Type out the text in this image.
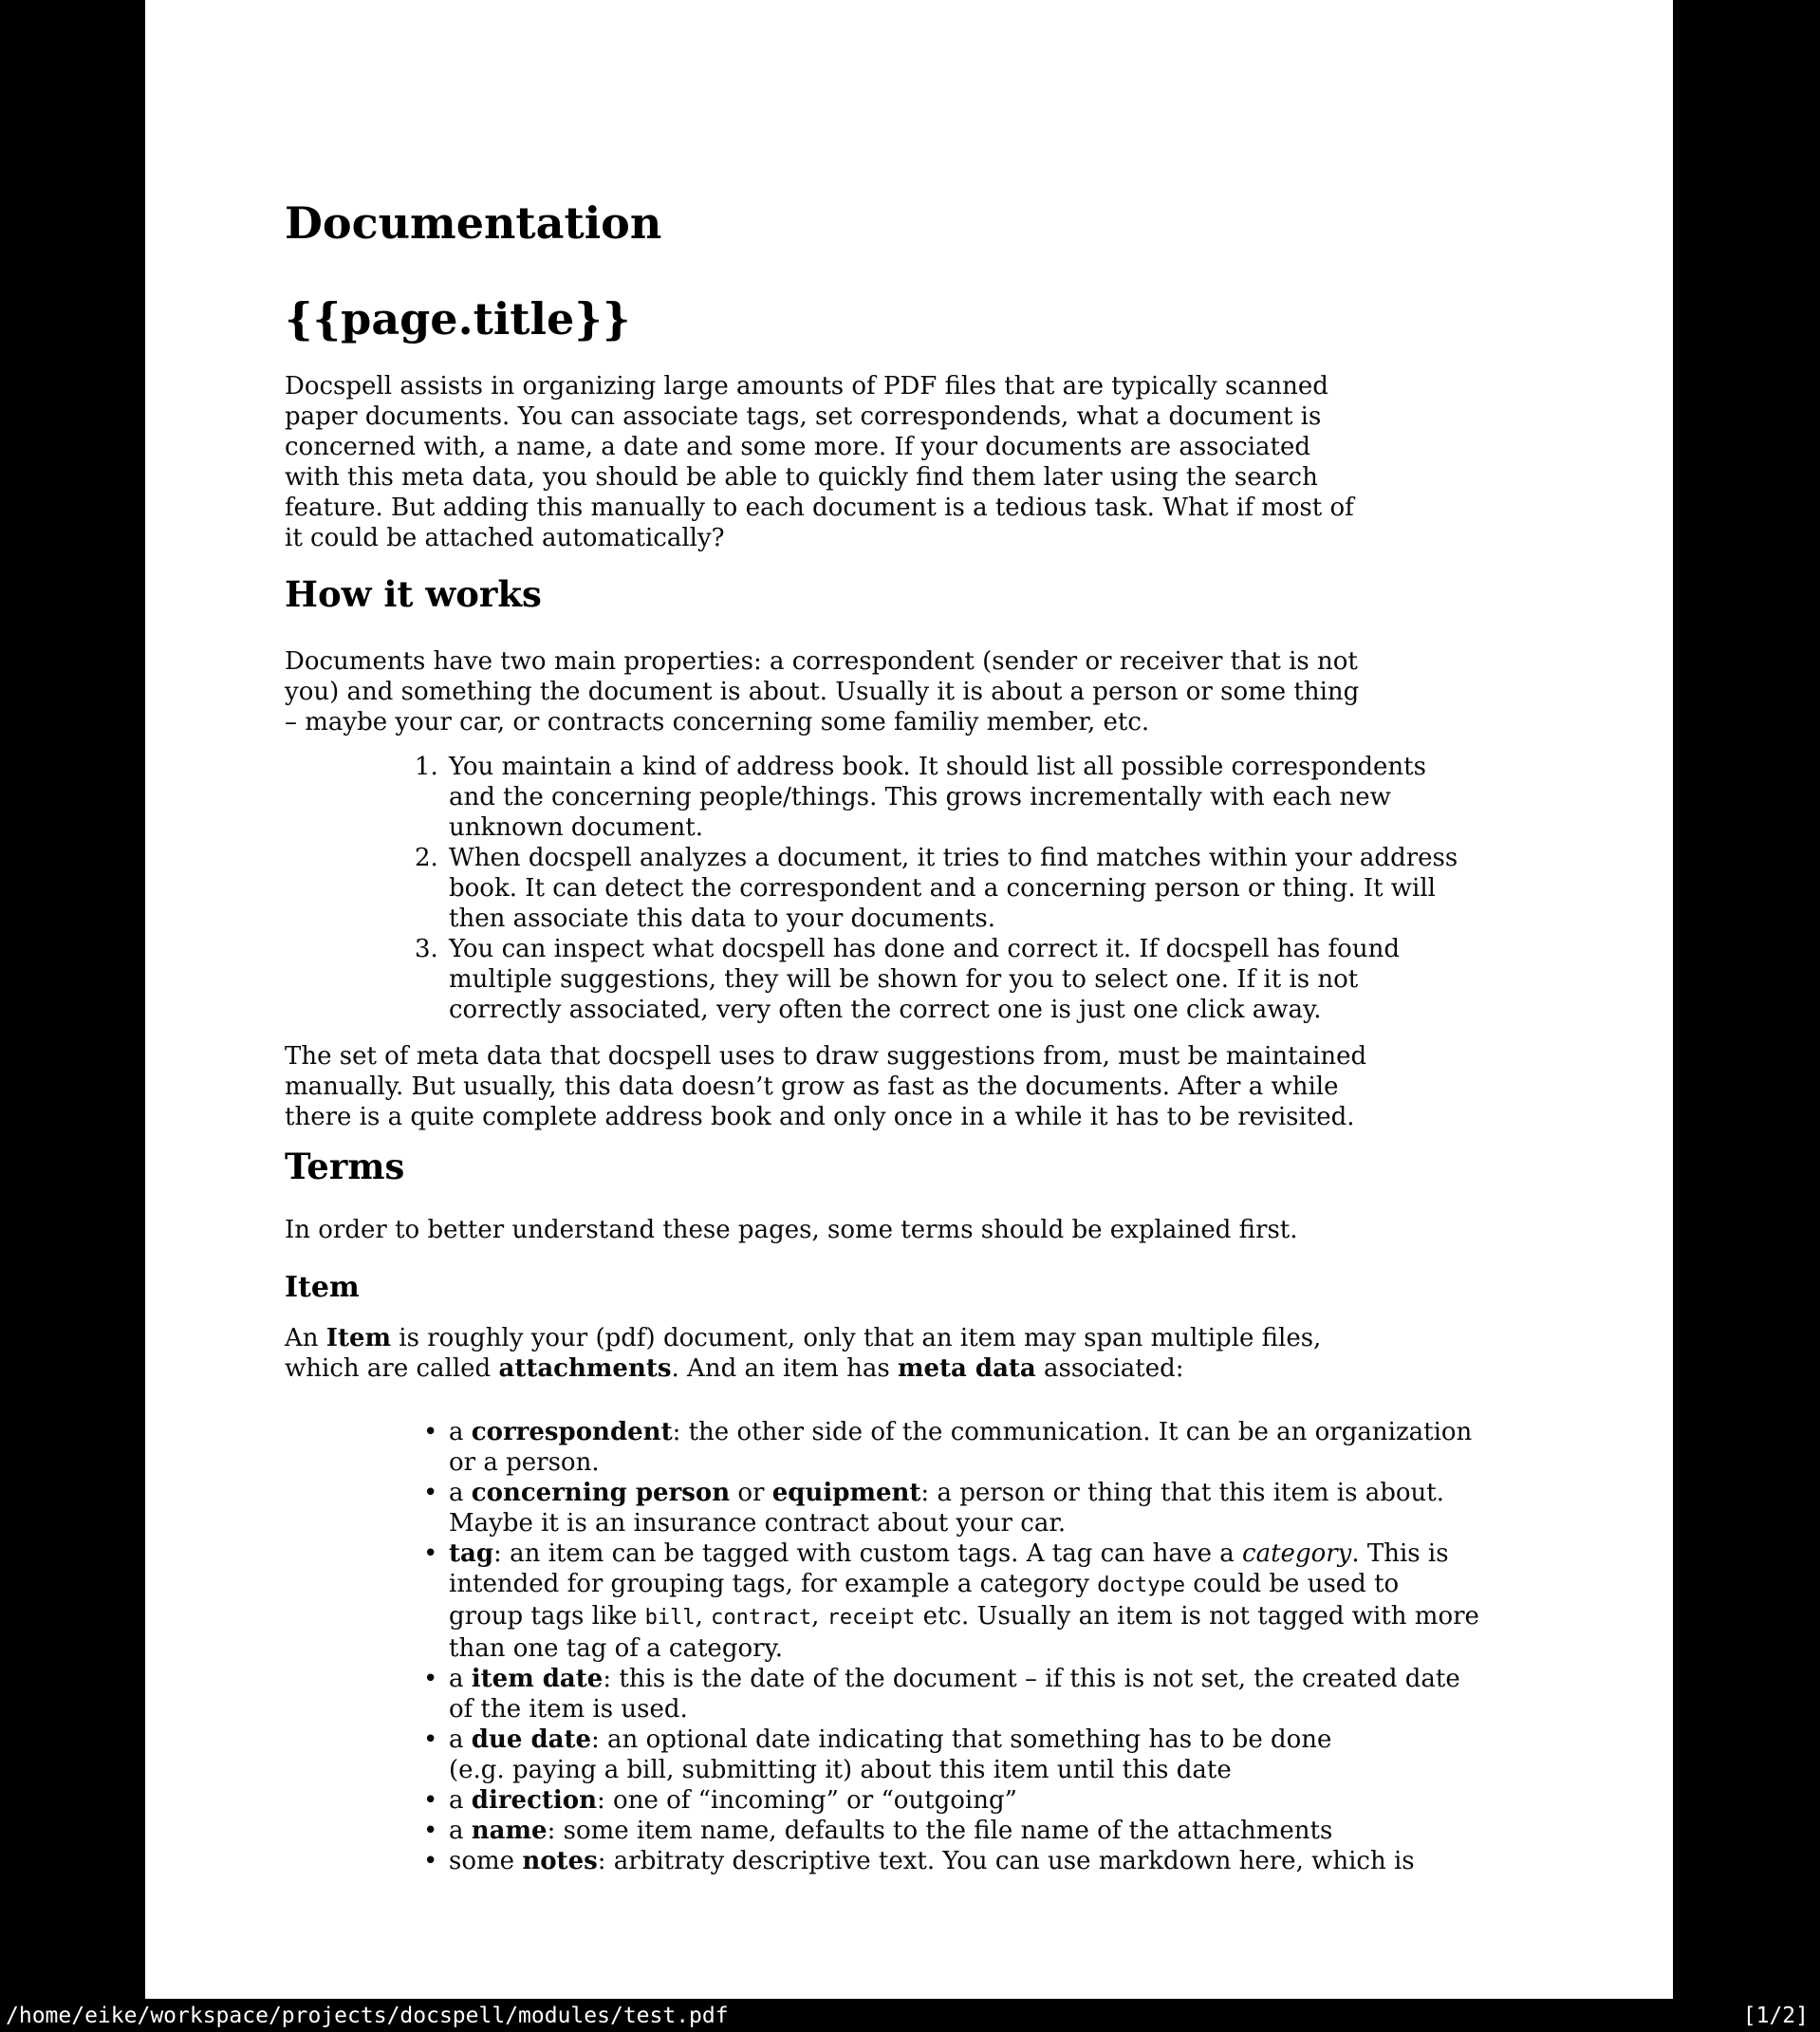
Documentation
{{page.title}}
Docspell assists in organizing large amounts of PDF files that are typically scanned
paper documents. You can associate tags, set correspondends, what a document is
concerned with, a name, a date and some more. If your documents are associated
with this meta data, you should be able to quickly find them later using the search
feature. But adding this manually to each document is a tedious task. What if most of
it could be attached automatically?
How it works
Documents have two main properties: a correspondent (sender or receiver that is not
you) and something the document is about. Usually it is about a person or some thing
– maybe your car, or contracts concerning some familiy member, etc.
1. You maintain a kind of address book. It should list all possible correspondents
and the concerning people/things. This grows incrementally with each new
unknown document.
2. When docspell analyzes a document, it tries to find matches within your address
book. It can detect the correspondent and a concerning person or thing. It will
then associate this data to your documents.
3. You can inspect what docspell has done and correct it. If docspell has found
multiple suggestions, they will be shown for you to select one. If it is not
correctly associated, very often the correct one is just one click away.
The set of meta data that docspell uses to draw suggestions from, must be maintained
manually. But usually, this data doesn’t grow as fast as the documents. After a while
there is a quite complete address book and only once in a while it has to be revisited.
Terms
In order to better understand these pages, some terms should be explained first.
Item
An Item is roughly your (pdf) document, only that an item may span multiple files,
which are called attachments. And an item has meta data associated:
• a correspondent: the other side of the communication. It can be an organization
or a person.
• a concerning person or equipment: a person or thing that this item is about.
Maybe it is an insurance contract about your car.
• tag: an item can be tagged with custom tags. A tag can have a category. This is
intended for grouping tags, for example a category doctype could be used to
group tags like bill, contract, receipt etc. Usually an item is not tagged with more
than one tag of a category.
• a item date: this is the date of the document – if this is not set, the created date
of the item is used.
• a due date: an optional date indicating that something has to be done
(e.g. paying a bill, submitting it) about this item until this date
• a direction: one of “incoming” or “outgoing”
• a name: some item name, defaults to the file name of the attachments
• some notes: arbitraty descriptive text. You can use markdown here, which is
/home/eike/workspace/projects/docspell/modules/test.pdf	[1/2]
